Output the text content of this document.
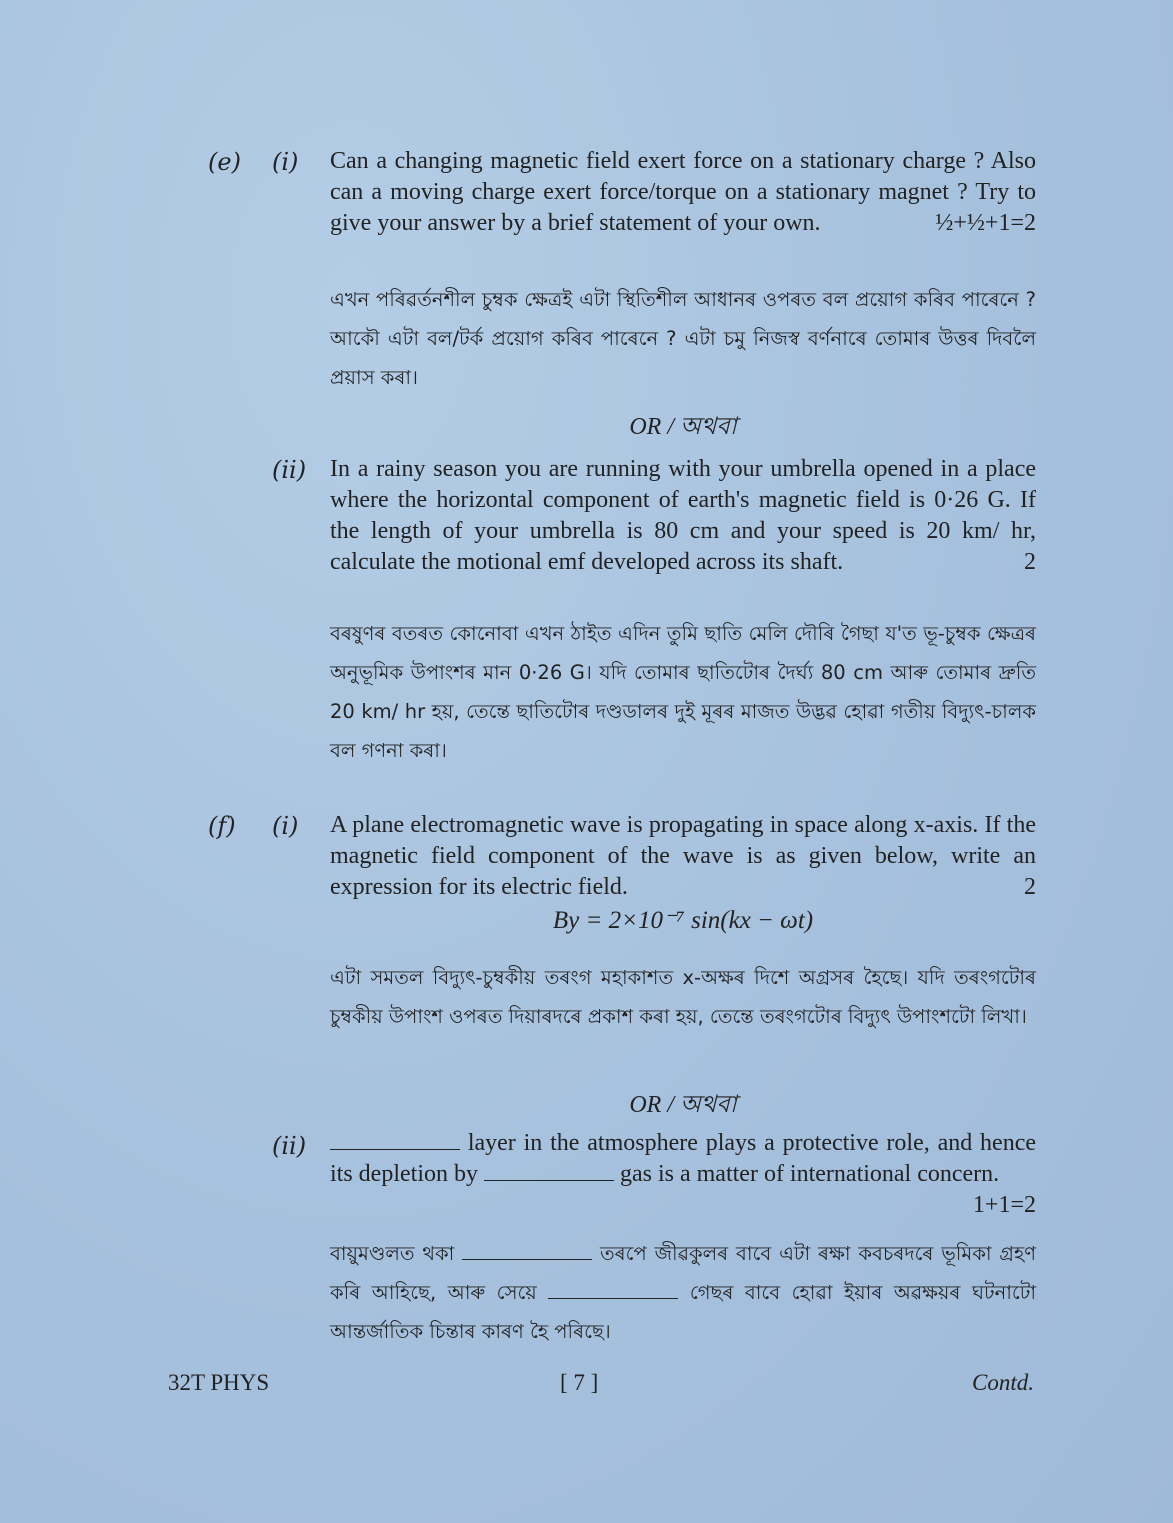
(e) (i) Can a changing magnetic field exert force on a stationary charge ? Also can a moving charge exert force/torque on a stationary magnet ? Try to give your answer by a brief statement of your own.	½+½+1=2
এখন পৰিৱৰ্তনশীল চুম্বক ক্ষেত্ৰই এটা স্থিতিশীল আধানৰ ওপৰত বল প্ৰয়োগ কৰিব পাৰেনে ? আকৌ এটা বল/টৰ্ক প্ৰয়োগ কৰিব পাৰেনে ? এটা চমু নিজস্ব বৰ্ণনাৰে তোমাৰ উত্তৰ দিবলৈ প্ৰয়াস কৰা।
OR / অথবা
(ii) In a rainy season you are running with your umbrella opened in a place where the horizontal component of earth's magnetic field is 0·26 G. If the length of your umbrella is 80 cm and your speed is 20 km/ hr, calculate the motional emf developed across its shaft.	2
বৰষুণৰ বতৰত কোনোবা এখন ঠাইত এদিন তুমি ছাতি মেলি দৌৰি গৈছা য'ত ভূ-চুম্বক ক্ষেত্ৰৰ অনুভূমিক উপাংশৰ মান 0·26 G। যদি তোমাৰ ছাতিটোৰ দৈৰ্ঘ্য 80 cm আৰু তোমাৰ দ্ৰুতি 20 km/ hr হয়, তেন্তে ছাতিটোৰ দণ্ডডালৰ দুই মূৰৰ মাজত উদ্ভৱ হোৱা গতীয় বিদ্যুৎ-চালক বল গণনা কৰা।
(f) (i) A plane electromagnetic wave is propagating in space along x-axis. If the magnetic field component of the wave is as given below, write an expression for its electric field.	2
By = 2×10⁻⁷ sin(kx − ωt)
এটা সমতল বিদ্যুৎ-চুম্বকীয় তৰংগ মহাকাশত x-অক্ষৰ দিশে অগ্ৰসৰ হৈছে। যদি তৰংগটোৰ চুম্বকীয় উপাংশ ওপৰত দিয়াৰদৰে প্ৰকাশ কৰা হয়, তেন্তে তৰংগটোৰ বিদ্যুৎ উপাংশটো লিখা।
OR / অথবা
(ii)	layer in the atmosphere plays a protective role, and hence its depletion by	gas is a matter of international concern.
1+1=2
বায়ুমণ্ডলত থকা	তৰপে জীৱকুলৰ বাবে এটা ৰক্ষা কবচৰদৰে ভূমিকা গ্ৰহণ কৰি আহিছে, আৰু সেয়ে	গেছৰ বাবে হোৱা ইয়াৰ অৱক্ষয়ৰ ঘটনাটো আন্তৰ্জাতিক চিন্তাৰ কাৰণ হৈ পৰিছে।
32T PHYS	[ 7 ]	Contd.
